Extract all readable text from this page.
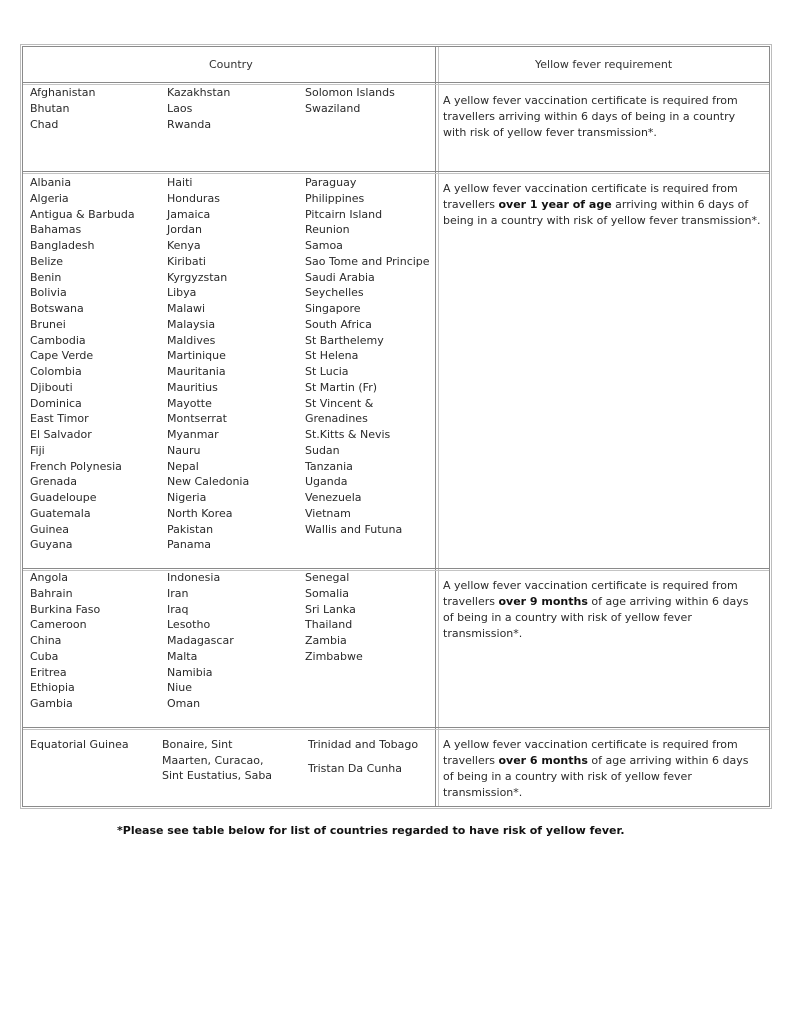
Country	Yellow fever requirement
Afghanistan
Bhutan
Chad
Kazakhstan
Laos
Rwanda
Solomon Islands
Swaziland
A yellow fever vaccination certificate is required from travellers arriving within 6 days of being in a country with risk of yellow fever transmission*.
Albania
Algeria
Antigua & Barbuda
Bahamas
Bangladesh
Belize
Benin
Bolivia
Botswana
Brunei
Cambodia
Cape Verde
Colombia
Djibouti
Dominica
East Timor
El Salvador
Fiji
French Polynesia
Grenada
Guadeloupe
Guatemala
Guinea
Guyana
Haiti
Honduras
Jamaica
Jordan
Kenya
Kiribati
Kyrgyzstan
Libya
Malawi
Malaysia
Maldives
Martinique
Mauritania
Mauritius
Mayotte
Montserrat
Myanmar
Nauru
Nepal
New Caledonia
Nigeria
North Korea
Pakistan
Panama
Paraguay
Philippines
Pitcairn Island
Reunion
Samoa
Sao Tome and Principe
Saudi Arabia
Seychelles
Singapore
South Africa
St Barthelemy
St Helena
St Lucia
St Martin (Fr)
St Vincent &
Grenadines
St.Kitts & Nevis
Sudan
Tanzania
Uganda
Venezuela
Vietnam
Wallis and Futuna
A yellow fever vaccination certificate is required from travellers over 1 year of age arriving within 6 days of being in a country with risk of yellow fever transmission*.
Angola
Bahrain
Burkina Faso
Cameroon
China
Cuba
Eritrea
Ethiopia
Gambia
Indonesia
Iran
Iraq
Lesotho
Madagascar
Malta
Namibia
Niue
Oman
Senegal
Somalia
Sri Lanka
Thailand
Zambia
Zimbabwe
A yellow fever vaccination certificate is required from travellers over 9 months of age arriving within 6 days of being in a country with risk of yellow fever transmission*.
Equatorial Guinea	Bonaire, Sint
Maarten, Curacao,
Sint Eustatius, Saba
Trinidad and Tobago
Tristan Da Cunha
A yellow fever vaccination certificate is required from travellers over 6 months of age arriving within 6 days of being in a country with risk of yellow fever transmission*.
*Please see table below for list of countries regarded to have risk of yellow fever.
